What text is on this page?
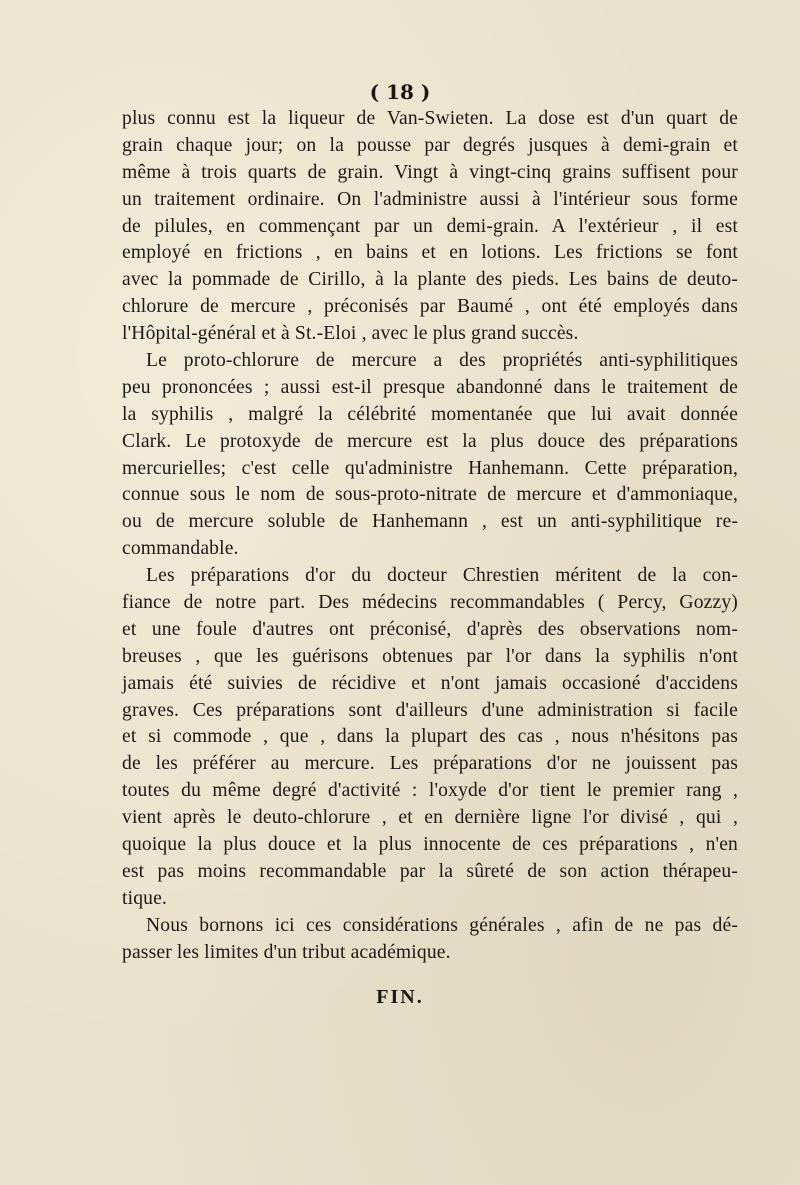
( 18 )
plus connu est la liqueur de Van-Swieten. La dose est d'un quart de
grain chaque jour; on la pousse par degrés jusques à demi-grain et
même à trois quarts de grain. Vingt à vingt-cinq grains suffisent pour
un traitement ordinaire. On l'administre aussi à l'intérieur sous forme
de pilules, en commençant par un demi-grain. A l'extérieur , il est
employé en frictions , en bains et en lotions. Les frictions se font
avec la pommade de Cirillo, à la plante des pieds. Les bains de deuto-
chlorure de mercure , préconisés par Baumé , ont été employés dans
l'Hôpital-général et à St.-Eloi , avec le plus grand succès.
Le proto-chlorure de mercure a des propriétés anti-syphilitiques
peu prononcées ; aussi est-il presque abandonné dans le traitement de
la syphilis , malgré la célébrité momentanée que lui avait donnée
Clark. Le protoxyde de mercure est la plus douce des préparations
mercurielles; c'est celle qu'administre Hanhemann. Cette préparation,
connue sous le nom de sous-proto-nitrate de mercure et d'ammoniaque,
ou de mercure soluble de Hanhemann , est un anti-syphilitique re-
commandable.
Les préparations d'or du docteur Chrestien méritent de la con-
fiance de notre part. Des médecins recommandables ( Percy, Gozzy)
et une foule d'autres ont préconisé, d'après des observations nom-
breuses , que les guérisons obtenues par l'or dans la syphilis n'ont
jamais été suivies de récidive et n'ont jamais occasioné d'accidens
graves. Ces préparations sont d'ailleurs d'une administration si facile
et si commode , que , dans la plupart des cas , nous n'hésitons pas
de les préférer au mercure. Les préparations d'or ne jouissent pas
toutes du même degré d'activité : l'oxyde d'or tient le premier rang ,
vient après le deuto-chlorure , et en dernière ligne l'or divisé , qui ,
quoique la plus douce et la plus innocente de ces préparations , n'en
est pas moins recommandable par la sûreté de son action thérapeu-
tique.
Nous bornons ici ces considérations générales , afin de ne pas dé-
passer les limites d'un tribut académique.
FIN.
